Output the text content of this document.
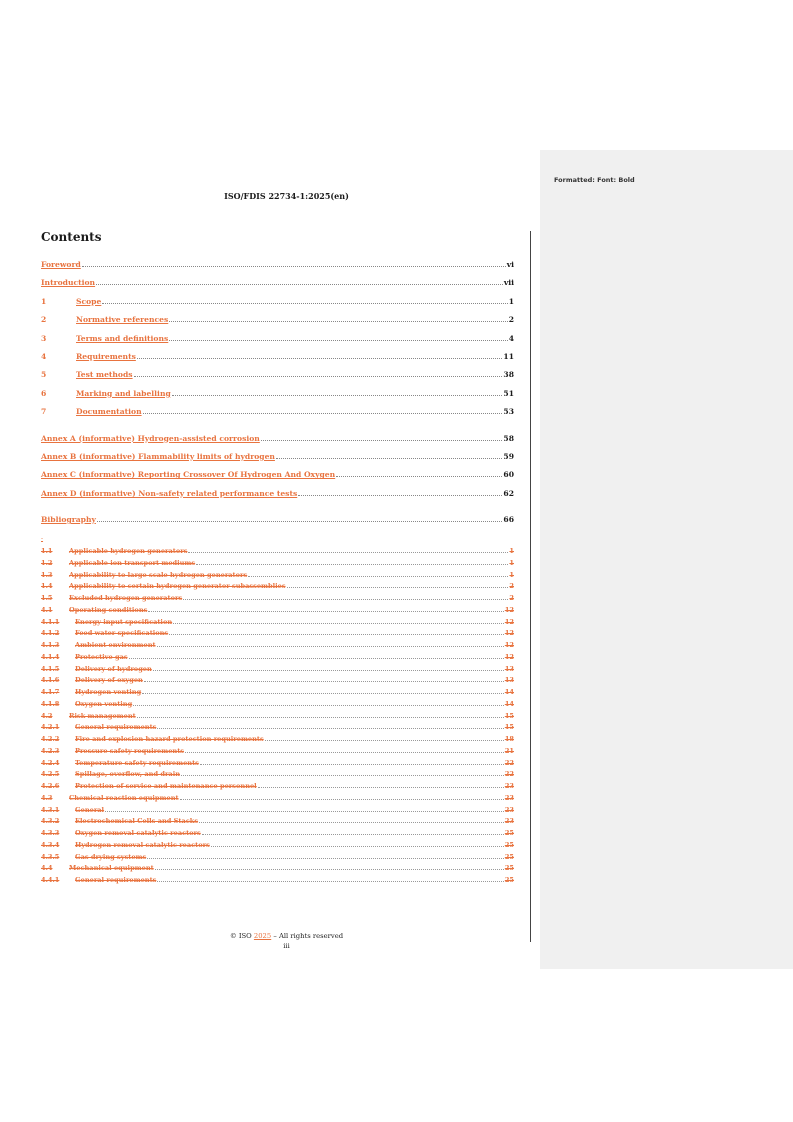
Formatted: Font: Bold
ISO/FDIS 22734-1:2025(en)
Contents
Foreword	vi
Introduction	vii
1	Scope	1
2	Normative references	2
3	Terms and definitions	4
4	Requirements	11
5	Test methods	38
6	Marking and labelling	51
7	Documentation	53
Annex A (informative) Hydrogen-assisted corrosion	58
Annex B (informative) Flammability limits of hydrogen	59
Annex C (informative) Reporting Crossover Of Hydrogen And Oxygen	60
Annex D (informative) Non-safety related performance tests	62
Bibliography	66
-
1.1	Applicable hydrogen generators	1
1.2	Applicable ion transport mediums	1
1.3	Applicability to large scale hydrogen generators	1
1.4	Applicability to certain hydrogen generator subassemblies	2
1.5	Excluded hydrogen generators	2
4.1	Operating conditions	12
4.1.1	Energy input specification	12
4.1.2	Feed water specifications	12
4.1.3	Ambient environment	12
4.1.4	Protective gas	12
4.1.5	Delivery of hydrogen	13
4.1.6	Delivery of oxygen	13
4.1.7	Hydrogen venting	14
4.1.8	Oxygen venting	14
4.2	Risk management	15
4.2.1	General requirements	15
4.2.2	Fire and explosion hazard protection requirements	18
4.2.3	Pressure safety requirements	21
4.2.4	Temperature safety requirements	22
4.2.5	Spillage, overflow, and drain	22
4.2.6	Protection of service and maintenance personnel	23
4.3	Chemical reaction equipment	23
4.3.1	General	23
4.3.2	Electrochemical Cells and Stacks	23
4.3.3	Oxygen removal catalytic reactors	25
4.3.4	Hydrogen removal catalytic reactors	25
4.3.5	Gas drying systems	25
4.4	Mechanical equipment	25
4.4.1	General requirements	25
© ISO 2025 – All rights reserved
iii
